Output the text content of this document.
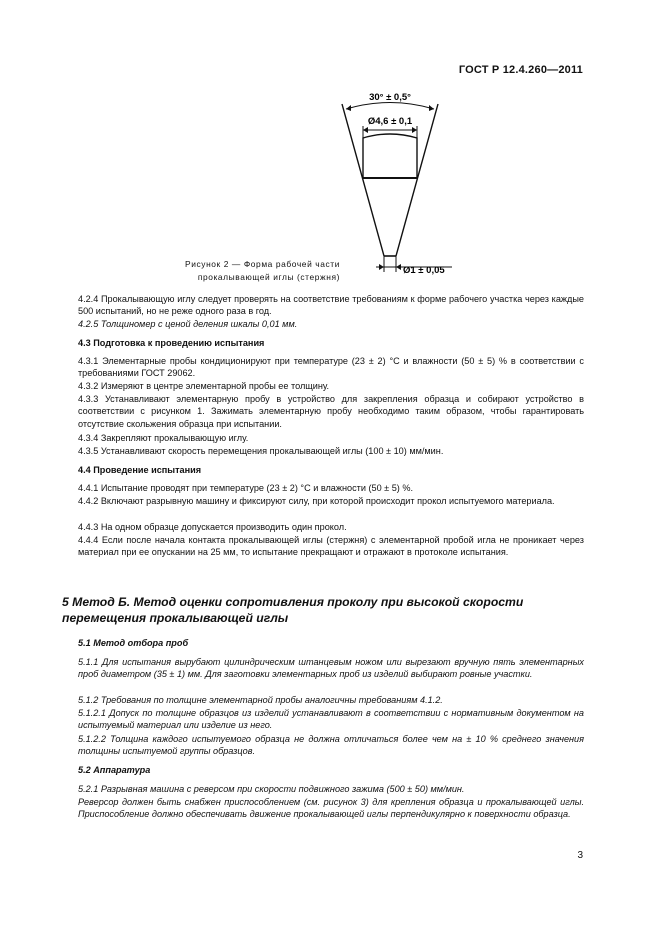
ГОСТ Р 12.4.260—2011
30° ± 0,5°
Ø4,6 ± 0,1
Ø1 ± 0,05
Рисунок 2 — Форма рабочей части
прокалывающей иглы (стержня)
4.2.4 Прокалывающую иглу следует проверять на соответствие требованиям к форме рабочего участка через каждые 500 испытаний, но не реже одного раза в год.
4.2.5 Толщиномер с ценой деления шкалы 0,01 мм.
4.3 Подготовка к проведению испытания
4.3.1 Элементарные пробы кондиционируют при температуре (23 ± 2) °С и влажности (50 ± 5) % в соответствии с требованиями ГОСТ 29062.
4.3.2 Измеряют в центре элементарной пробы ее толщину.
4.3.3 Устанавливают элементарную пробу в устройство для закрепления образца и собирают устройство в соответствии с рисунком 1. Зажимать элементарную пробу необходимо таким образом, чтобы гарантировать отсутствие скольжения образца при испытании.
4.3.4 Закрепляют прокалывающую иглу.
4.3.5 Устанавливают скорость перемещения прокалывающей иглы (100 ± 10) мм/мин.
4.4 Проведение испытания
4.4.1 Испытание проводят при температуре (23 ± 2) °С и влажности (50 ± 5) %.
4.4.2 Включают разрывную машину и фиксируют силу, при которой происходит прокол испытуемого материала.
4.4.3 На одном образце допускается производить один прокол.
4.4.4 Если после начала контакта прокалывающей иглы (стержня) с элементарной пробой игла не проникает через материал при ее опускании на 25 мм, то испытание прекращают и отражают в протоколе испытания.
5 Метод Б. Метод оценки сопротивления проколу при высокой скорости перемещения прокалывающей иглы
5.1 Метод отбора проб
5.1.1 Для испытания вырубают цилиндрическим штанцевым ножом или вырезают вручную пять элементарных проб диаметром (35 ± 1) мм. Для заготовки элементарных проб из изделий выбирают ровные участки.
5.1.2 Требования по толщине элементарной пробы аналогичны требованиям 4.1.2.
5.1.2.1 Допуск по толщине образцов из изделий устанавливают в соответствии с нормативным документом на испытуемый материал или изделие из него.
5.1.2.2 Толщина каждого испытуемого образца не должна отличаться более чем на ± 10 % среднего значения толщины испытуемой группы образцов.
5.2 Аппаратура
5.2.1 Разрывная машина с реверсом при скорости подвижного зажима (500 ± 50) мм/мин.
Реверсор должен быть снабжен приспособлением (см. рисунок 3) для крепления образца и прокалывающей иглы. Приспособление должно обеспечивать движение прокалывающей иглы перпендикулярно к поверхности образца.
3
